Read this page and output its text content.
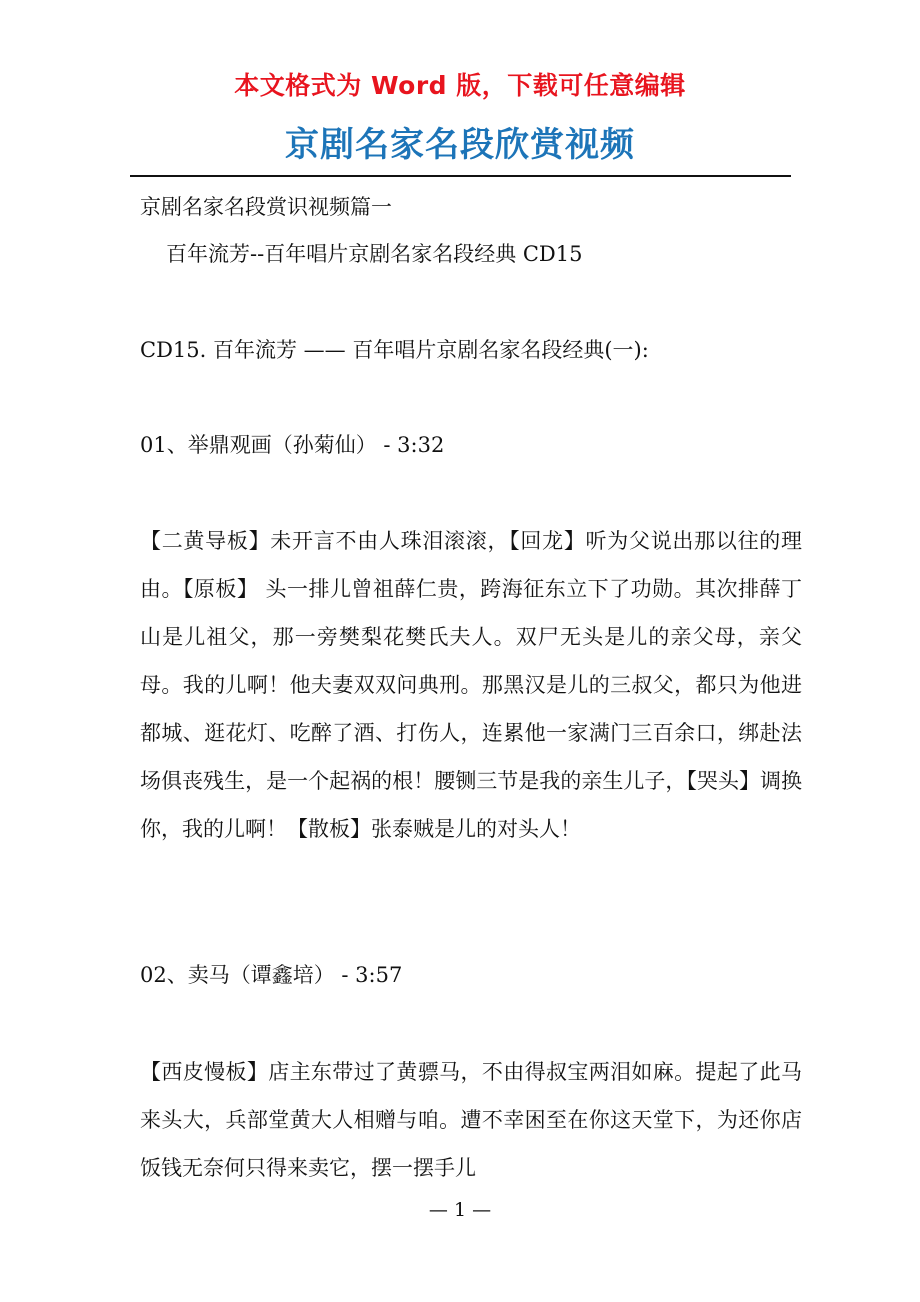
本文格式为 Word 版，下载可任意编辑
京剧名家名段欣赏视频
京剧名家名段赏识视频篇一
百年流芳--百年唱片京剧名家名段经典 CD15
CD15. 百年流芳 —— 百年唱片京剧名家名段经典(一):
01、举鼎观画（孙菊仙） - 3:32
【二黄导板】未开言不由人珠泪滚滚，【回龙】听为父说出那以往的理由。【原板】 头一排儿曾祖薛仁贵，跨海征东立下了功勋。其次排薛丁山是儿祖父，那一旁樊梨花樊氏夫人。双尸无头是儿的亲父母，亲父母。我的儿啊！他夫妻双双问典刑。那黑汉是儿的三叔父，都只为他进都城、逛花灯、吃醉了酒、打伤人，连累他一家满门三百余口，绑赴法场俱丧残生，是一个起祸的根！腰铡三节是我的亲生儿子，【哭头】调换你，我的儿啊！【散板】张泰贼是儿的对头人！
02、卖马（谭鑫培） - 3:57
【西皮慢板】店主东带过了黄骠马，不由得叔宝两泪如麻。提起了此马来头大，兵部堂黄大人相赠与咱。遭不幸困至在你这天堂下，为还你店饭钱无奈何只得来卖它，摆一摆手儿
— 1 —
